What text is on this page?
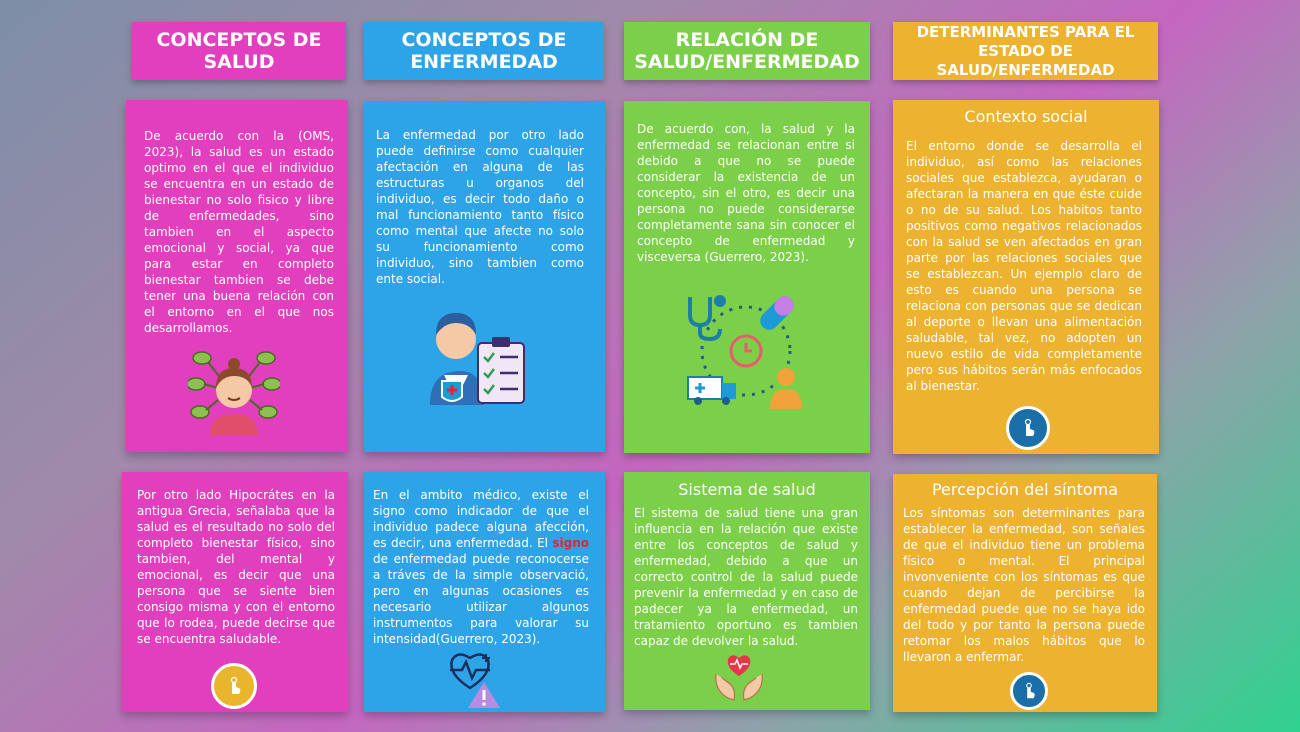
CONCEPTOS DE
SALUD
CONCEPTOS DE
ENFERMEDAD
RELACIÓN DE
SALUD/ENFERMEDAD
DETERMINANTES PARA EL
ESTADO DE
SALUD/ENFERMEDAD
De acuerdo con la (OMS, 2023), la salud es un estado optimo en el que el individuo se encuentra en un estado de bienestar no solo fisico y libre de enfermedades, sino tambien en el aspecto emocional y social, ya que para estar en completo bienestar tambien se debe tener una buena relación con el entorno en el que nos desarrollamos.
La enfermedad por otro lado puede definirse como cualquier afectación en alguna de las estructuras u organos del individuo, es decir todo daño o mal funcionamiento tanto físico como mental que afecte no solo su funcionamiento como individuo, sino tambien como ente social.
De acuerdo con, la salud y la enfermedad se relacionan entre si debido a que no se puede considerar la existencia de un concepto, sin el otro, es decir una persona no puede considerarse completamente sana sin conocer el concepto de enfermedad y visceversa (Guerrero, 2023).
Contexto social
El entorno donde se desarrolla el individuo, así como las relaciones sociales que establezca, ayudaran o afectaran la manera en que éste cuide o no de su salud. Los habitos tanto positivos como negativos relacionados con la salud se ven afectados en gran parte por las relaciones sociales que se establezcan. Un ejemplo claro de esto es cuando una persona se relaciona con personas que se dedican al deporte o llevan una alimentación saludable, tal vez, no adopten un nuevo estilo de vida completamente pero sus hábitos serán más enfocados al bienestar.
Por otro lado Hipocrátes en la antigua Grecia, señalaba que la salud es el resultado no solo del completo bienestar físico, sino tambien, del mental y emocional, es decir que una persona que se siente bien consigo misma y con el entorno que lo rodea, puede decirse que se encuentra saludable.
En el ambito médico, existe el signo como indicador de que el individuo padece alguna afección, es decir, una enfermedad. El signo de enfermedad puede reconocerse a tráves de la simple observació, pero en algunas ocasiones es necesario utilizar algunos instrumentos para valorar su intensidad(Guerrero, 2023).
Sistema de salud
El sistema de salud tiene una gran influencia en la relación que existe entre los conceptos de salud y enfermedad, debido a que un correcto control de la salud puede prevenir la enfermedad y en caso de padecer ya la enfermedad, un tratamiento oportuno es tambien capaz de devolver la salud.
Percepción del síntoma
Los síntomas son determinantes para establecer la enfermedad, son señales de que el individuo tiene un problema físico o mental. El principal invonveniente con los síntomas es que cuando dejan de percibirse la enfermedad puede que no se haya ido del todo y por tanto la persona puede retomar los malos hábitos que lo llevaron a enfermar.
